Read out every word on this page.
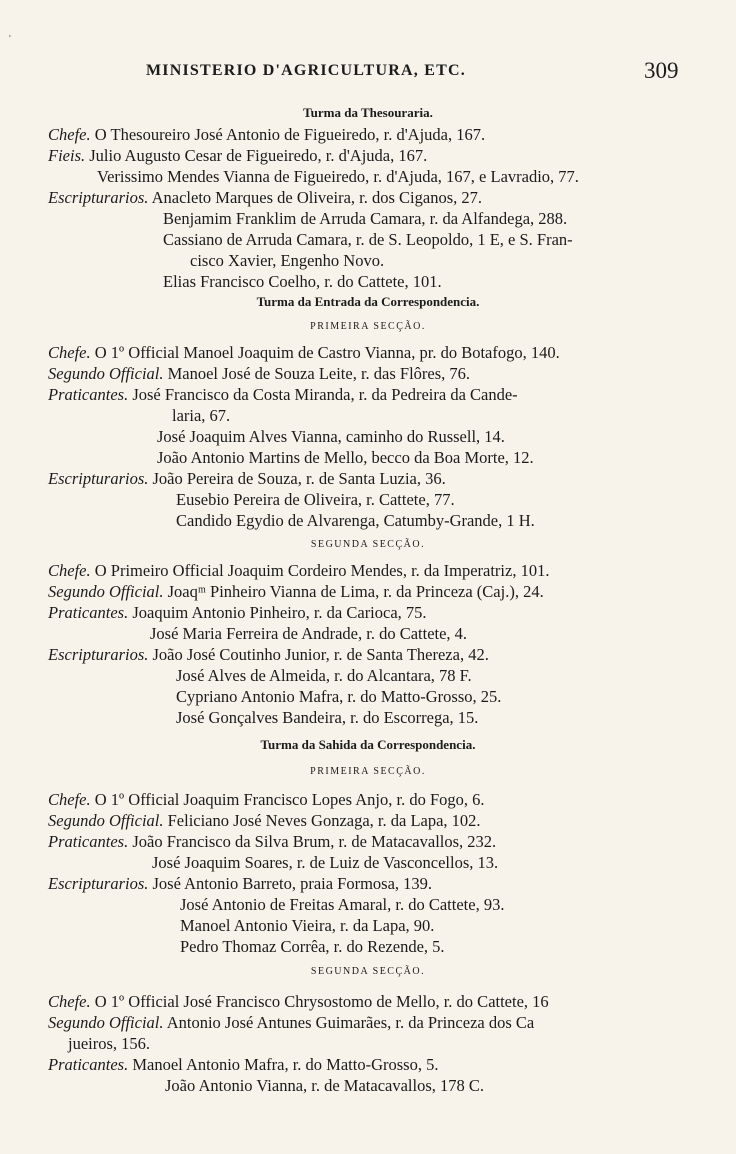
'
MINISTERIO D'AGRICULTURA, ETC.	309
Turma da Thesouraria.
Chefe. O Thesoureiro José Antonio de Figueiredo, r. d'Ajuda, 167.
Fieis. Julio Augusto Cesar de Figueiredo, r. d'Ajuda, 167.
Verissimo Mendes Vianna de Figueiredo, r. d'Ajuda, 167, e Lavradio, 77.
Escripturarios. Anacleto Marques de Oliveira, r. dos Ciganos, 27.
Benjamim Franklim de Arruda Camara, r. da Alfandega, 288.
Cassiano de Arruda Camara, r. de S. Leopoldo, 1 E, e S. Fran-
cisco Xavier, Engenho Novo.
Elias Francisco Coelho, r. do Cattete, 101.
Turma da Entrada da Correspondencia.
PRIMEIRA SECÇÃO.
Chefe. O 1º Official Manoel Joaquim de Castro Vianna, pr. do Botafogo, 140.
Segundo Official. Manoel José de Souza Leite, r. das Flôres, 76.
Praticantes. José Francisco da Costa Miranda, r. da Pedreira da Cande-
laria, 67.
José Joaquim Alves Vianna, caminho do Russell, 14.
João Antonio Martins de Mello, becco da Boa Morte, 12.
Escripturarios. João Pereira de Souza, r. de Santa Luzia, 36.
Eusebio Pereira de Oliveira, r. Cattete, 77.
Candido Egydio de Alvarenga, Catumby-Grande, 1 H.
SEGUNDA SECÇÃO.
Chefe. O Primeiro Official Joaquim Cordeiro Mendes, r. da Imperatriz, 101.
Segundo Official. Joaqᵐ Pinheiro Vianna de Lima, r. da Princeza (Caj.), 24.
Praticantes. Joaquim Antonio Pinheiro, r. da Carioca, 75.
José Maria Ferreira de Andrade, r. do Cattete, 4.
Escripturarios. João José Coutinho Junior, r. de Santa Thereza, 42.
José Alves de Almeida, r. do Alcantara, 78 F.
Cypriano Antonio Mafra, r. do Matto-Grosso, 25.
José Gonçalves Bandeira, r. do Escorrega, 15.
Turma da Sahida da Correspondencia.
PRIMEIRA SECÇÃO.
Chefe. O 1º Official Joaquim Francisco Lopes Anjo, r. do Fogo, 6.
Segundo Official. Feliciano José Neves Gonzaga, r. da Lapa, 102.
Praticantes. João Francisco da Silva Brum, r. de Matacavallos, 232.
José Joaquim Soares, r. de Luiz de Vasconcellos, 13.
Escripturarios. José Antonio Barreto, praia Formosa, 139.
José Antonio de Freitas Amaral, r. do Cattete, 93.
Manoel Antonio Vieira, r. da Lapa, 90.
Pedro Thomaz Corrêa, r. do Rezende, 5.
SEGUNDA SECÇÃO.
Chefe. O 1º Official José Francisco Chrysostomo de Mello, r. do Cattete, 16
Segundo Official. Antonio José Antunes Guimarães, r. da Princeza dos Ca
jueiros, 156.
Praticantes. Manoel Antonio Mafra, r. do Matto-Grosso, 5.
João Antonio Vianna, r. de Matacavallos, 178 C.
